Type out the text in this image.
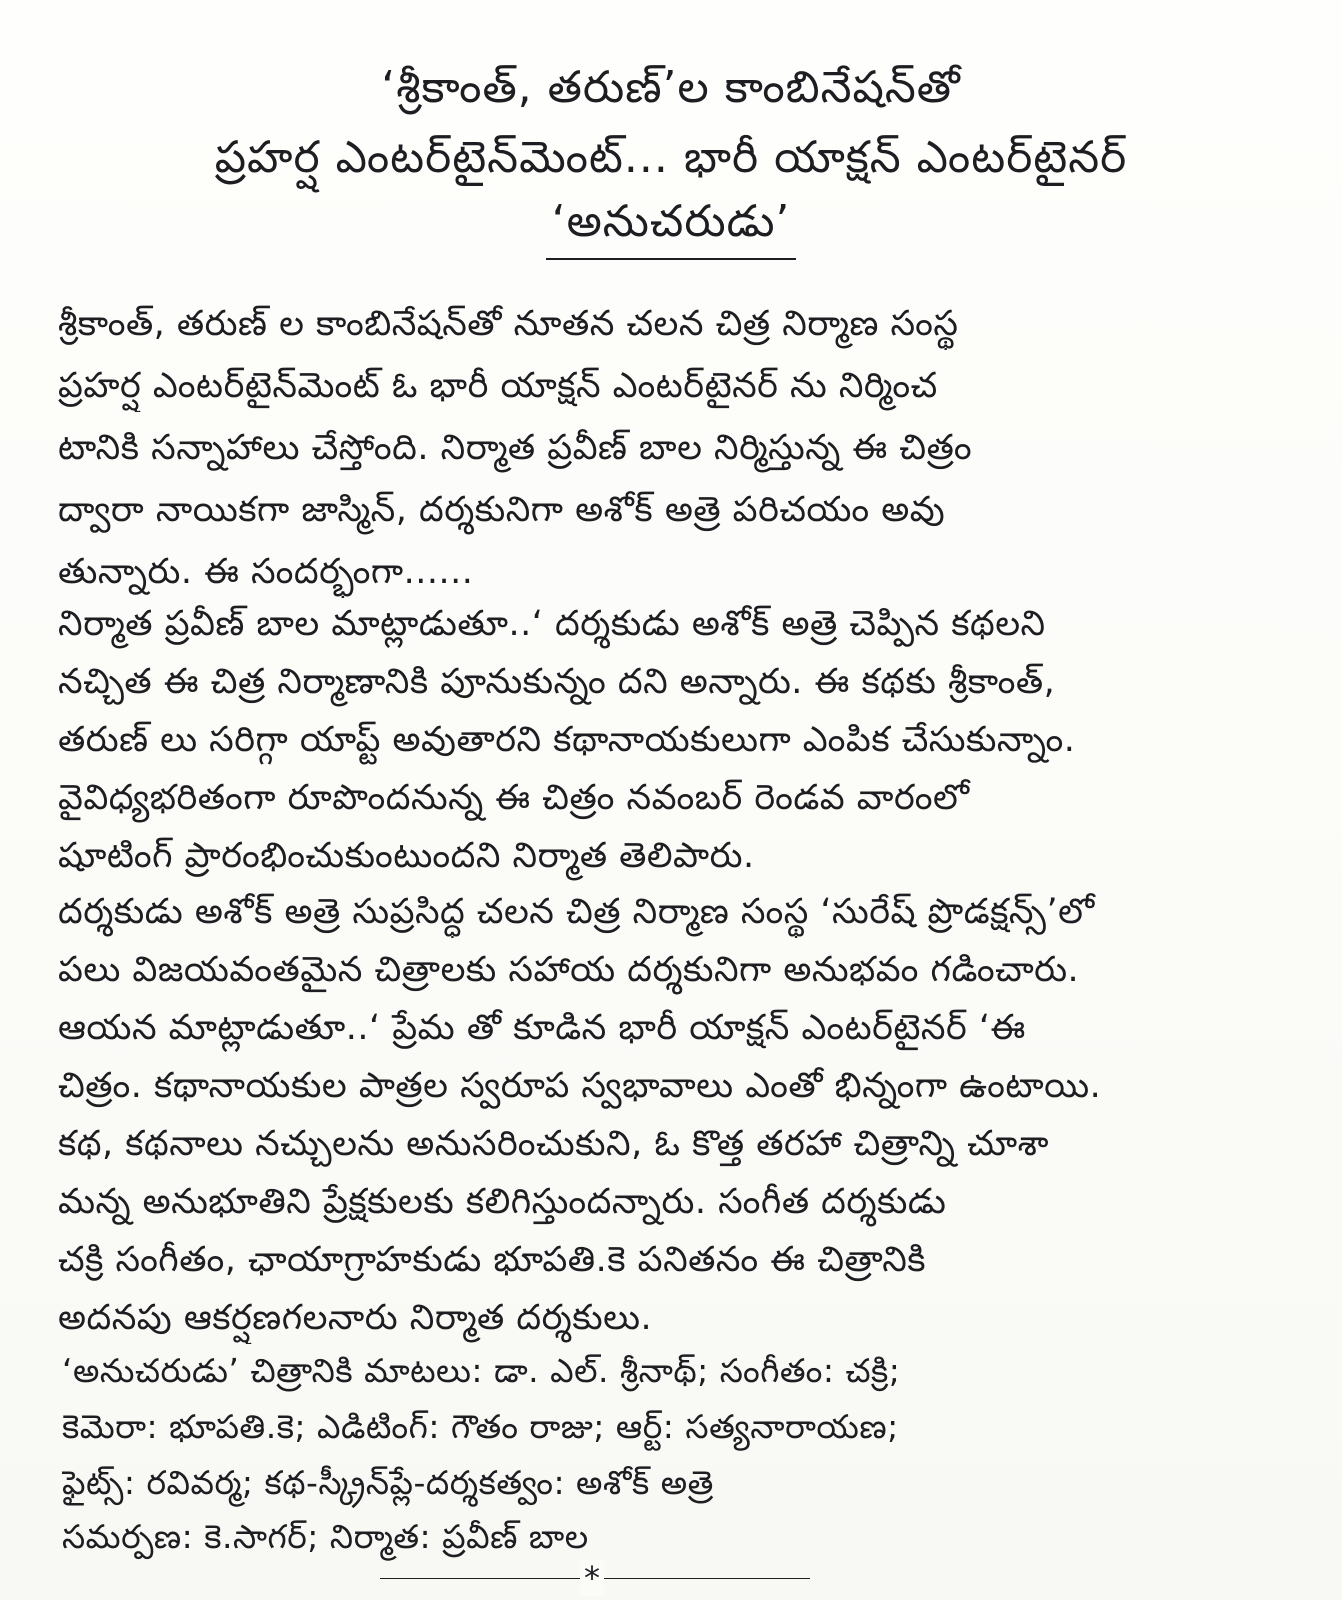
‘శ్రీకాంత్, తరుణ్’ల కాంబినేషన్‌తో
ప్రహర్ష ఎంటర్‌టైన్‌మెంట్... భారీ యాక్షన్ ఎంటర్‌టైనర్
‘అనుచరుడు’
శ్రీకాంత్, తరుణ్ ల కాంబినేషన్‌తో నూతన చలన చిత్ర నిర్మాణ సంస్థ
ప్రహర్ష ఎంటర్‌టైన్‌మెంట్ ఓ భారీ యాక్షన్ ఎంటర్‌టైనర్ ను నిర్మించ
టానికి సన్నాహాలు చేస్తోంది. నిర్మాత ప్రవీణ్ బాల నిర్మిస్తున్న ఈ చిత్రం
ద్వారా నాయికగా జాస్మిన్, దర్శకునిగా అశోక్ అత్రె పరిచయం అవు
తున్నారు. ఈ సందర్భంగా......
నిర్మాత ప్రవీణ్ బాల మాట్లాడుతూ..‘ దర్శకుడు అశోక్ అత్రె చెప్పిన కథలని
నచ్చిత ఈ చిత్ర నిర్మాణానికి పూనుకున్నం దని అన్నారు. ఈ కథకు శ్రీకాంత్,
తరుణ్ లు సరిగ్గా యాప్ట్ అవుతారని కథానాయకులుగా ఎంపిక చేసుకున్నాం.
వైవిధ్యభరితంగా రూపొందనున్న ఈ చిత్రం నవంబర్ రెండవ వారంలో
షూటింగ్ ప్రారంభించుకుంటుందని నిర్మాత తెలిపారు.
దర్శకుడు అశోక్ అత్రె సుప్రసిద్ధ చలన చిత్ర నిర్మాణ సంస్థ ‘సురేష్ ప్రొడక్షన్స్’లో
పలు విజయవంతమైన చిత్రాలకు సహాయ దర్శకునిగా అనుభవం గడించారు.
ఆయన మాట్లాడుతూ..‘ ప్రేమ తో కూడిన భారీ యాక్షన్ ఎంటర్‌టైనర్ ‘ఈ
చిత్రం. కథానాయకుల పాత్రల స్వరూప స్వభావాలు ఎంతో భిన్నంగా ఉంటాయి.
కథ, కథనాలు నచ్చులను అనుసరించుకుని, ఓ కొత్త తరహా చిత్రాన్ని చూశా
మన్న అనుభూతిని ప్రేక్షకులకు కలిగిస్తుందన్నారు. సంగీత దర్శకుడు
చక్రి సంగీతం, ఛాయాగ్రాహకుడు భూపతి.కె పనితనం ఈ చిత్రానికి
అదనపు ఆకర్షణగలనారు నిర్మాత దర్శకులు.
‘అనుచరుడు’ చిత్రానికి మాటలు: డా. ఎల్. శ్రీనాథ్; సంగీతం: చక్రి;
కెమెరా: భూపతి.కె; ఎడిటింగ్: గౌతం రాజు; ఆర్ట్: సత్యనారాయణ;
ఫైట్స్: రవివర్మ; కథ-స్క్రీన్‌ప్లే-దర్శకత్వం: అశోక్ అత్రె
సమర్పణ: కె.సాగర్; నిర్మాత: ప్రవీణ్ బాల
*
